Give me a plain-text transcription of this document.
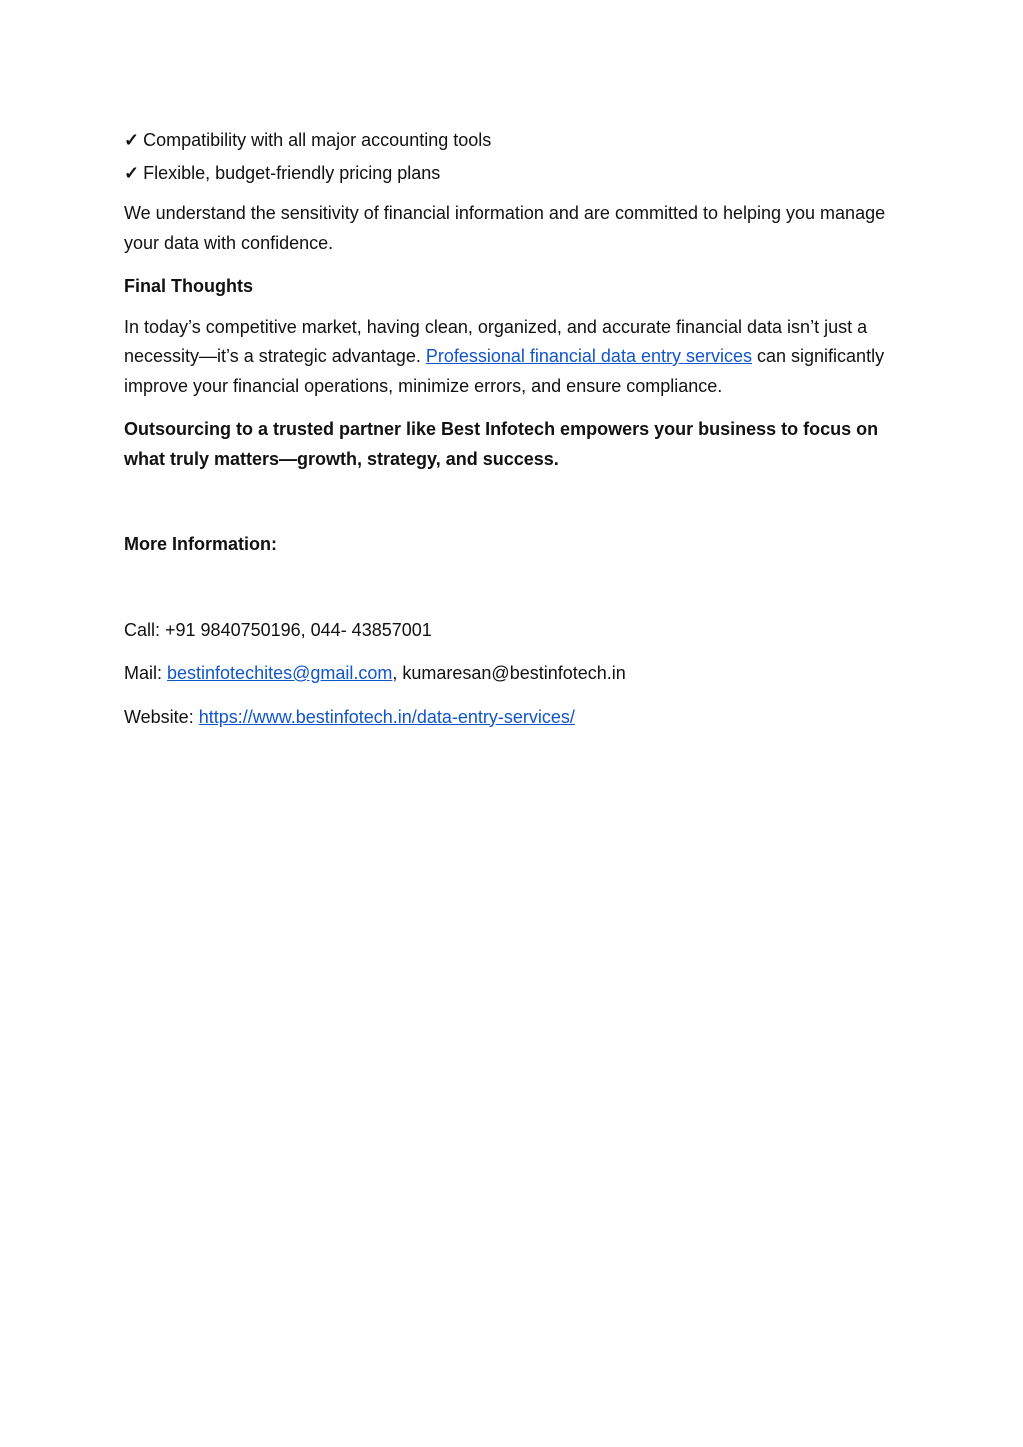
✓ Compatibility with all major accounting tools
✓ Flexible, budget-friendly pricing plans

We understand the sensitivity of financial information and are committed to helping you manage your data with confidence.

Final Thoughts

In today’s competitive market, having clean, organized, and accurate financial data isn’t just a necessity—it’s a strategic advantage. Professional financial data entry services can significantly improve your financial operations, minimize errors, and ensure compliance.

Outsourcing to a trusted partner like Best Infotech empowers your business to focus on what truly matters—growth, strategy, and success.

More Information:

Call: +91 9840750196, 044- 43857001

Mail: bestinfotechites@gmail.com, kumaresan@bestinfotech.in

Website: https://www.bestinfotech.in/data-entry-services/
